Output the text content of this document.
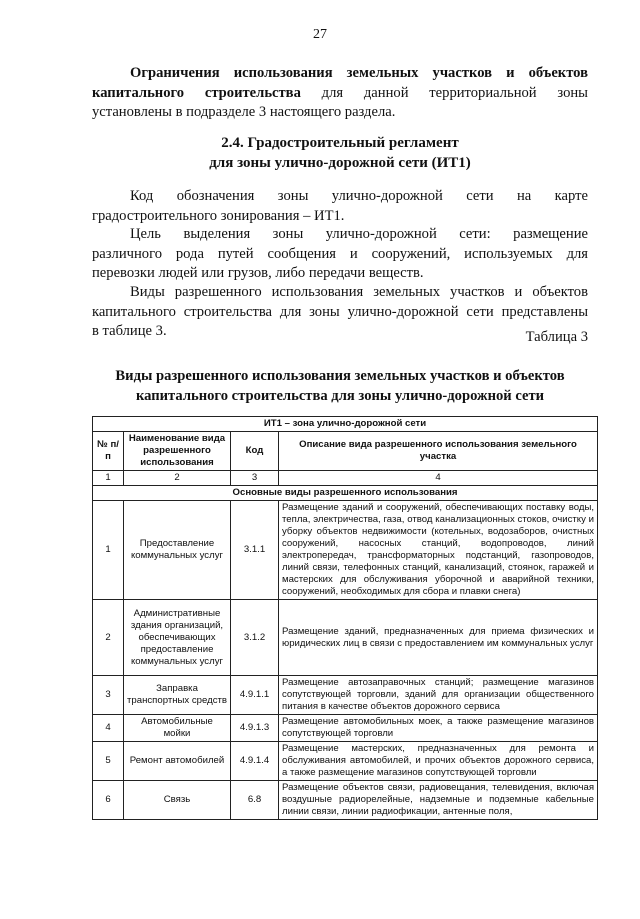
27
Ограничения использования земельных участков и объектов капитального строительства для данной территориальной зоны
установлены в подразделе 3 настоящего раздела.
2.4. Градостроительный регламент
для зоны улично-дорожной сети (ИТ1)
Код обозначения зоны улично-дорожной сети на карте
градостроительного зонирования – ИТ1.
Цель выделения зоны улично-дорожной сети: размещение
различного рода путей сообщения и сооружений, используемых для
перевозки людей или грузов, либо передачи веществ.
Виды разрешенного использования земельных участков и объектов
капитального строительства для зоны улично-дорожной сети представлены
в таблице 3.	Таблица 3
Виды разрешенного использования земельных участков и объектов
капитального строительства для зоны улично-дорожной сети
ИТ1 – зона улично-дорожной сети			
№ п/п	Наименование вида разрешенного использования	Код	Описание вида разрешенного использования земельного участка
1	2	3	4
Основные виды разрешенного использования			
1	Предоставление коммунальных услуг	3.1.1	Размещение зданий и сооружений, обеспечивающих поставку воды, тепла, электричества, газа, отвод канализационных стоков, очистку и уборку объектов недвижимости (котельных, водозаборов, очистных сооружений, насосных станций, водопроводов, линий электропередач, трансформаторных подстанций, газопроводов, линий связи, телефонных станций, канализаций, стоянок, гаражей и мастерских для обслуживания уборочной и аварийной техники, сооружений, необходимых для сбора и плавки снега)
2	Административные здания организаций, обеспечивающих предоставление коммунальных услуг	3.1.2	Размещение зданий, предназначенных для приема физических и юридических лиц в связи с предоставлением им коммунальных услуг
3	Заправка транспортных средств	4.9.1.1	Размещение автозаправочных станций; размещение магазинов сопутствующей торговли, зданий для организации общественного питания в качестве объектов дорожного сервиса
4	Автомобильные мойки	4.9.1.3	Размещение автомобильных моек, а также размещение магазинов сопутствующей торговли
5	Ремонт автомобилей	4.9.1.4	Размещение мастерских, предназначенных для ремонта и обслуживания автомобилей, и прочих объектов дорожного сервиса, а также размещение магазинов сопутствующей торговли
6	Связь	6.8	Размещение объектов связи, радиовещания, телевидения, включая воздушные радиорелейные, надземные и подземные кабельные линии связи, линии радиофикации, антенные поля,
